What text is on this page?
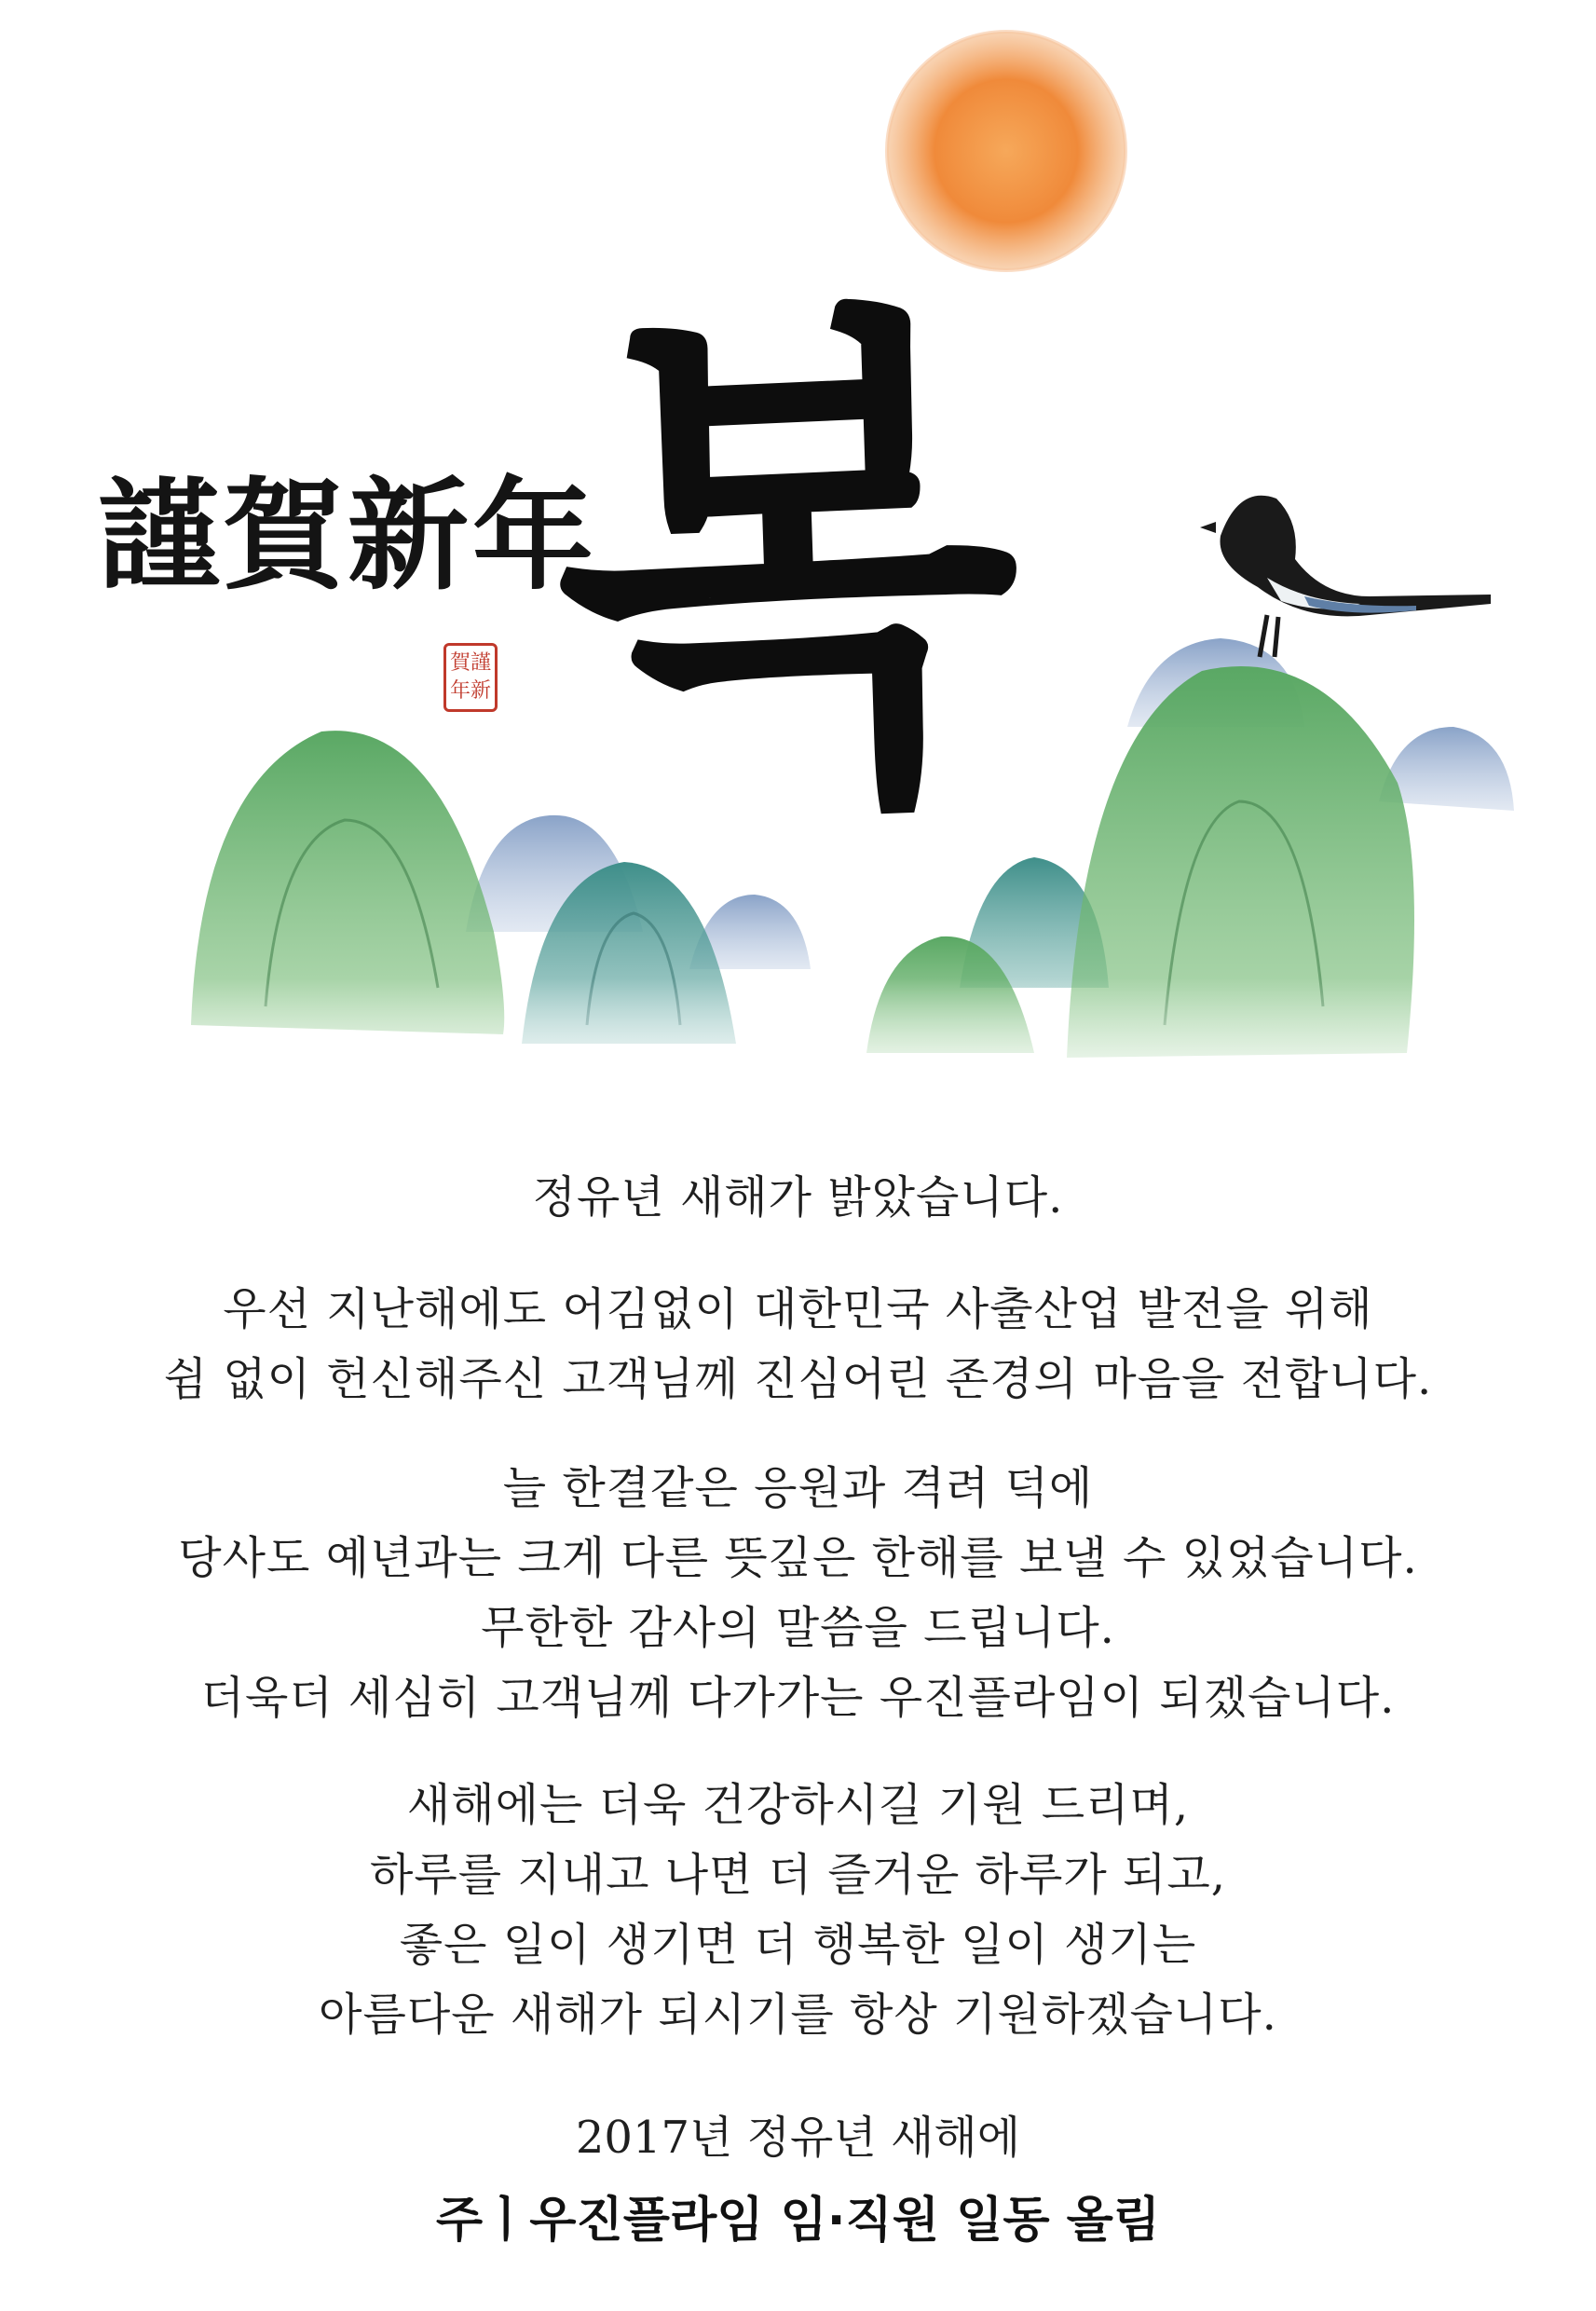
謹賀新年
賀 謹
年 新 복
정유년 새해가 밝았습니다.
우선 지난해에도 어김없이 대한민국 사출산업 발전을 위해
쉼 없이 헌신해주신 고객님께 진심어린 존경의 마음을 전합니다.
늘 한결같은 응원과 격려 덕에
당사도 예년과는 크게 다른 뜻깊은 한해를 보낼 수 있었습니다.
무한한 감사의 말씀을 드립니다.
더욱더 세심히 고객님께 다가가는 우진플라임이 되겠습니다.
새해에는 더욱 건강하시길 기원 드리며,
하루를 지내고 나면 더 즐거운 하루가 되고,
좋은 일이 생기면 더 행복한 일이 생기는
아름다운 새해가 되시기를 항상 기원하겠습니다.
2017년 정유년 새해에
주ㅣ우진플라임 임·직원 일동 올림
